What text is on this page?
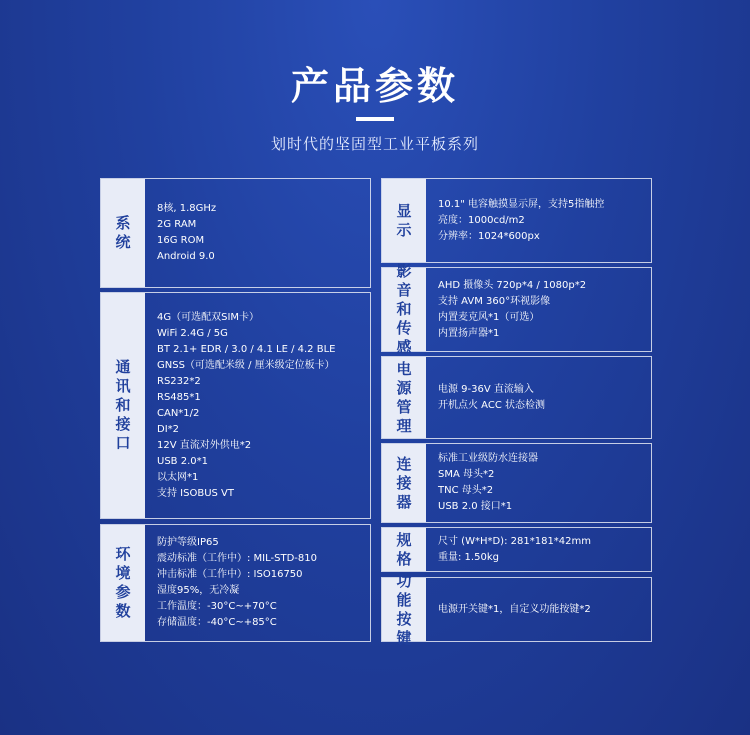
产品参数
划时代的坚固型工业平板系列
系统
8核, 1.8GHz
2G RAM
16G ROM
Android 9.0
通讯和接口
4G（可选配双SIM卡）
WiFi 2.4G / 5G
BT 2.1+ EDR / 3.0 / 4.1 LE / 4.2 BLE
GNSS（可选配米级 / 厘米级定位板卡）
RS232*2
RS485*1
CAN*1/2
DI*2
12V 直流对外供电*2
USB 2.0*1
以太网*1
支持 ISOBUS VT
环境参数
防护等级IP65
震动标准（工作中）: MIL-STD-810
冲击标准（工作中）: ISO16750
湿度95%，无冷凝
工作温度：-30°C~+70°C
存储温度：-40°C~+85°C
显示
10.1" 电容触摸显示屏，支持5指触控
亮度：1000cd/m2
分辨率：1024*600px
影音和传感
AHD 摄像头 720p*4 / 1080p*2
支持 AVM 360°环视影像
内置麦克风*1（可选）
内置扬声器*1
电源管理
电源 9-36V 直流输入
开机点火 ACC 状态检测
连接器
标准工业级防水连接器
SMA 母头*2
TNC 母头*2
USB 2.0 接口*1
规格
尺寸 (W*H*D): 281*181*42mm
重量: 1.50kg
功能按键
电源开关键*1，自定义功能按键*2
